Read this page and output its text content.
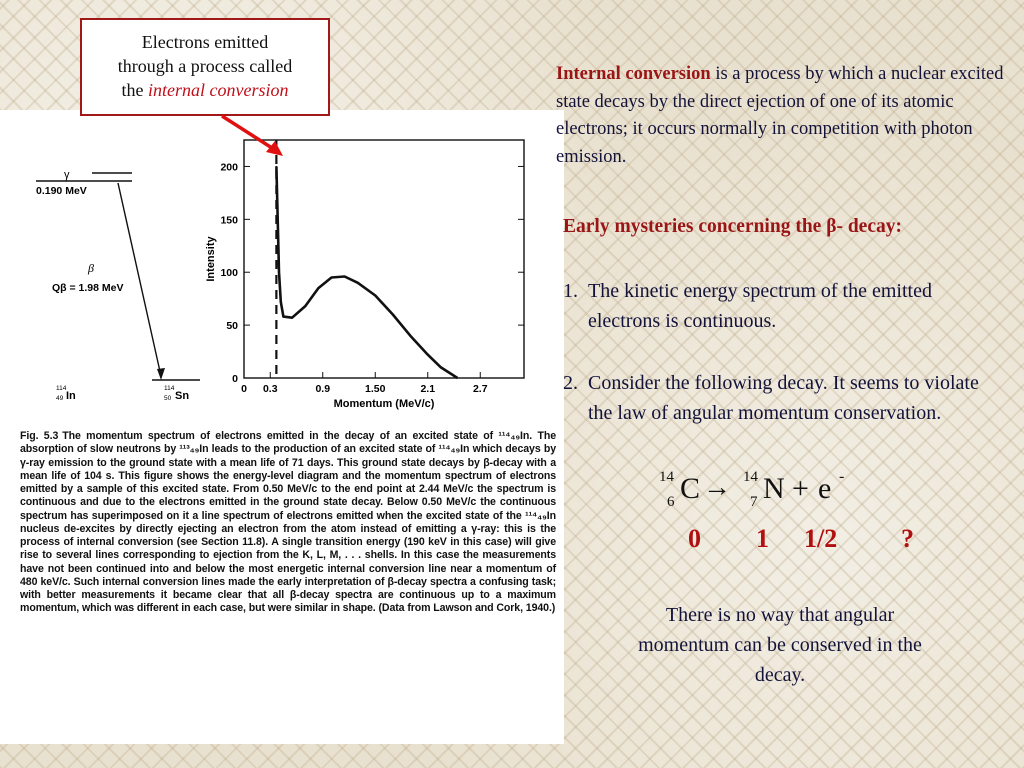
γ
0.190 MeV
β
Qβ = 1.98 MeV
114
49 In
114
50 Sn
0
50
100
150
200
0 0.3	0.9	1.50	2.1	2.7
Momentum (MeV/c)
Intensity
Fig. 5.3 The momentum spectrum of electrons emitted in the decay of an excited state of ¹¹⁴₄₉In. The absorption of slow neutrons by ¹¹³₄₉In leads to the production of an excited state of ¹¹⁴₄₉In which decays by γ-ray emission to the ground state with a mean life of 71 days. This ground state decays by β-decay with a mean life of 104 s. This figure shows the energy-level diagram and the momentum spectrum of electrons emitted by a sample of this excited state. From 0.50 MeV/c to the end point at 2.44 MeV/c the spectrum is continuous and due to the electrons emitted in the ground state decay. Below 0.50 MeV/c the continuous spectrum has superimposed on it a line spectrum of electrons emitted when the excited state of the ¹¹⁴₄₉In nucleus de-excites by directly ejecting an electron from the atom instead of emitting a γ-ray: this is the process of internal conversion (see Section 11.8). A single transition energy (190 keV in this case) will give rise to several lines corresponding to ejection from the K, L, M, . . . shells. In this case the measurements have not been continued into and below the most energetic internal conversion line near a momentum of 480 keV/c. Such internal conversion lines made the early interpretation of β-decay spectra a confusing task; with better measurements it became clear that all β-decay spectra are continuous up to a maximum momentum, which was different in each case, but were similar in shape. (Data from Lawson and Cork, 1940.)
Electrons emitted
through a process called
the internal conversion
Internal conversion is a process by which a nuclear excited state decays by the direct ejection of one of its atomic electrons; it occurs normally in competition with photon emission.
Early mysteries concerning the β- decay:
1. The kinetic energy spectrum of the emitted electrons is continuous.
2. Consider the following decay. It seems to violate the law of angular momentum conservation.
14
6 C → 14
7 N + e -
0 1 1/2 ?
There is no way that angular momentum can be conserved in the decay.
